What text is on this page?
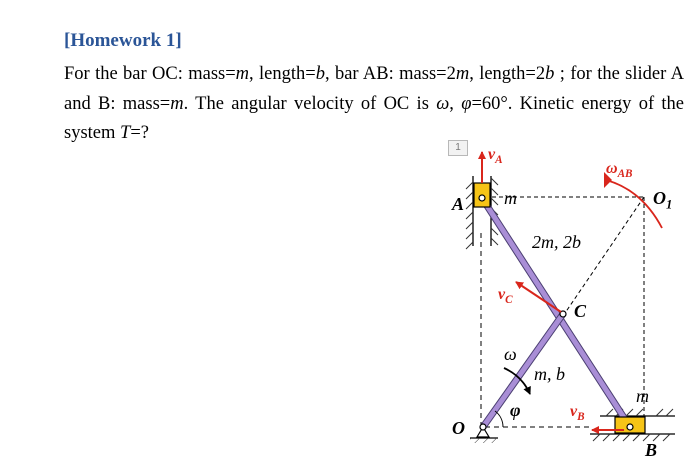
[Homework 1]
For the bar OC: mass=m, length=b, bar AB: mass=2m, length=2b ; for the slider A and B: mass=m. The angular velocity of OC is ω, φ=60°. Kinetic energy of the system T=?
1
A m
2m, 2b
C
$O_1$
ω
m, b
φ
O
m
B
$v_A$
$v_C$
$v_B$
$\omega_{AB}$
